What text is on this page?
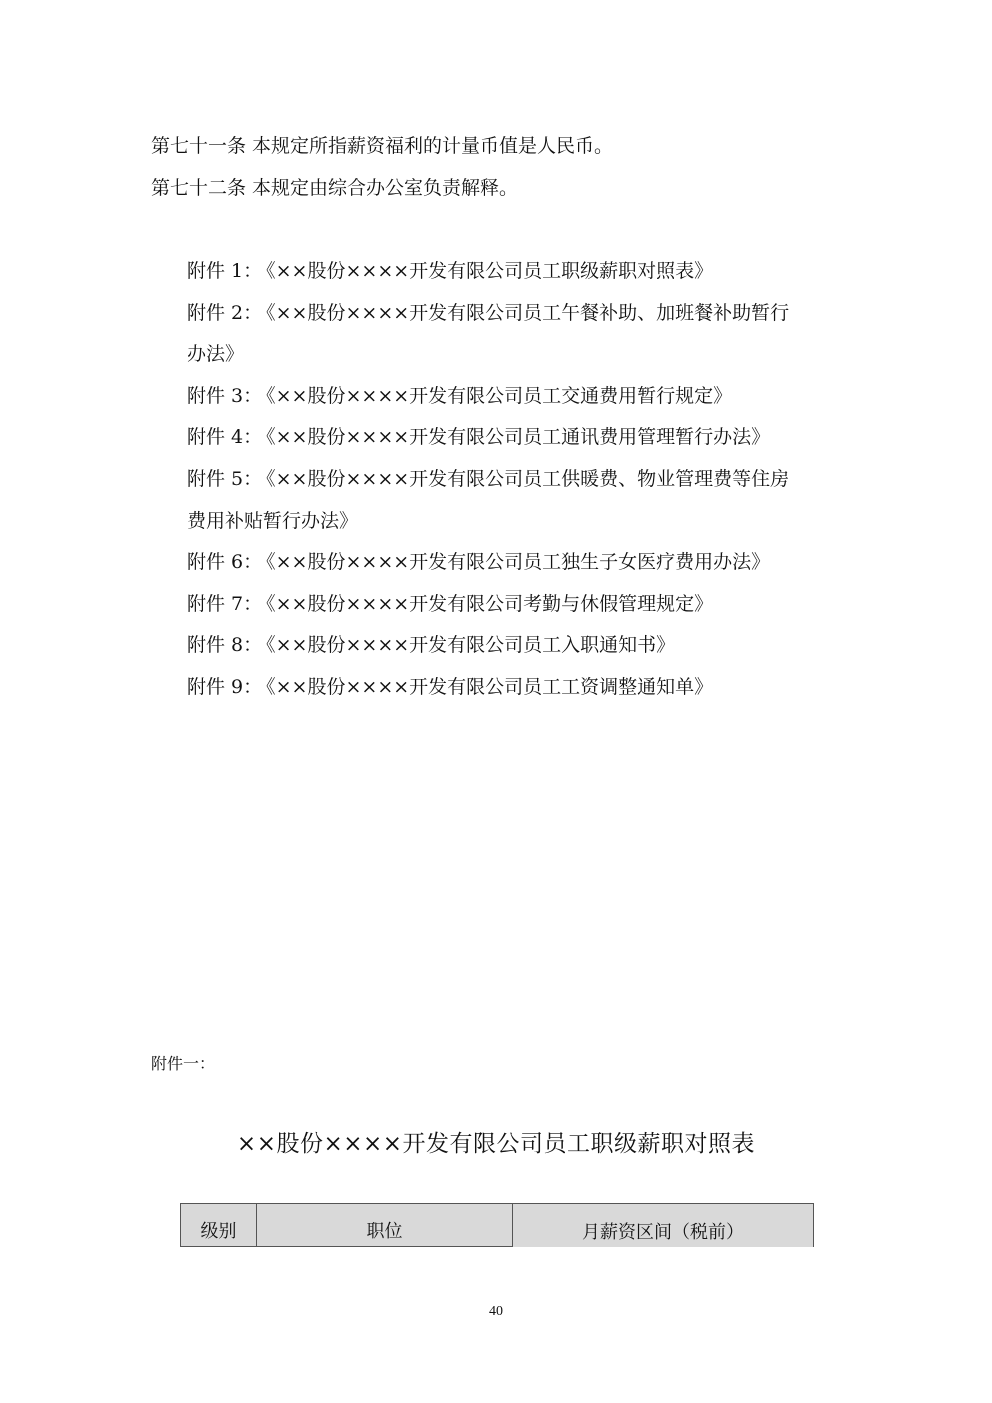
第七十一条 本规定所指薪资福利的计量币值是人民币。
第七十二条 本规定由综合办公室负责解释。
附件 1： 《××股份××××开发有限公司员工职级薪职对照表》
附件 2： 《××股份××××开发有限公司员工午餐补助、加班餐补助暂行
办法》
附件 3： 《××股份××××开发有限公司员工交通费用暂行规定》
附件 4： 《××股份××××开发有限公司员工通讯费用管理暂行办法》
附件 5： 《××股份××××开发有限公司员工供暖费、物业管理费等住房
费用补贴暂行办法》
附件 6： 《××股份××××开发有限公司员工独生子女医疗费用办法》
附件 7： 《××股份××××开发有限公司考勤与休假管理规定》
附件 8： 《××股份××××开发有限公司员工入职通知书》
附件 9： 《××股份××××开发有限公司员工工资调整通知单》
附件一：
××股份××××开发有限公司员工职级薪职对照表
级别	职位	月薪资区间（税前）
40
